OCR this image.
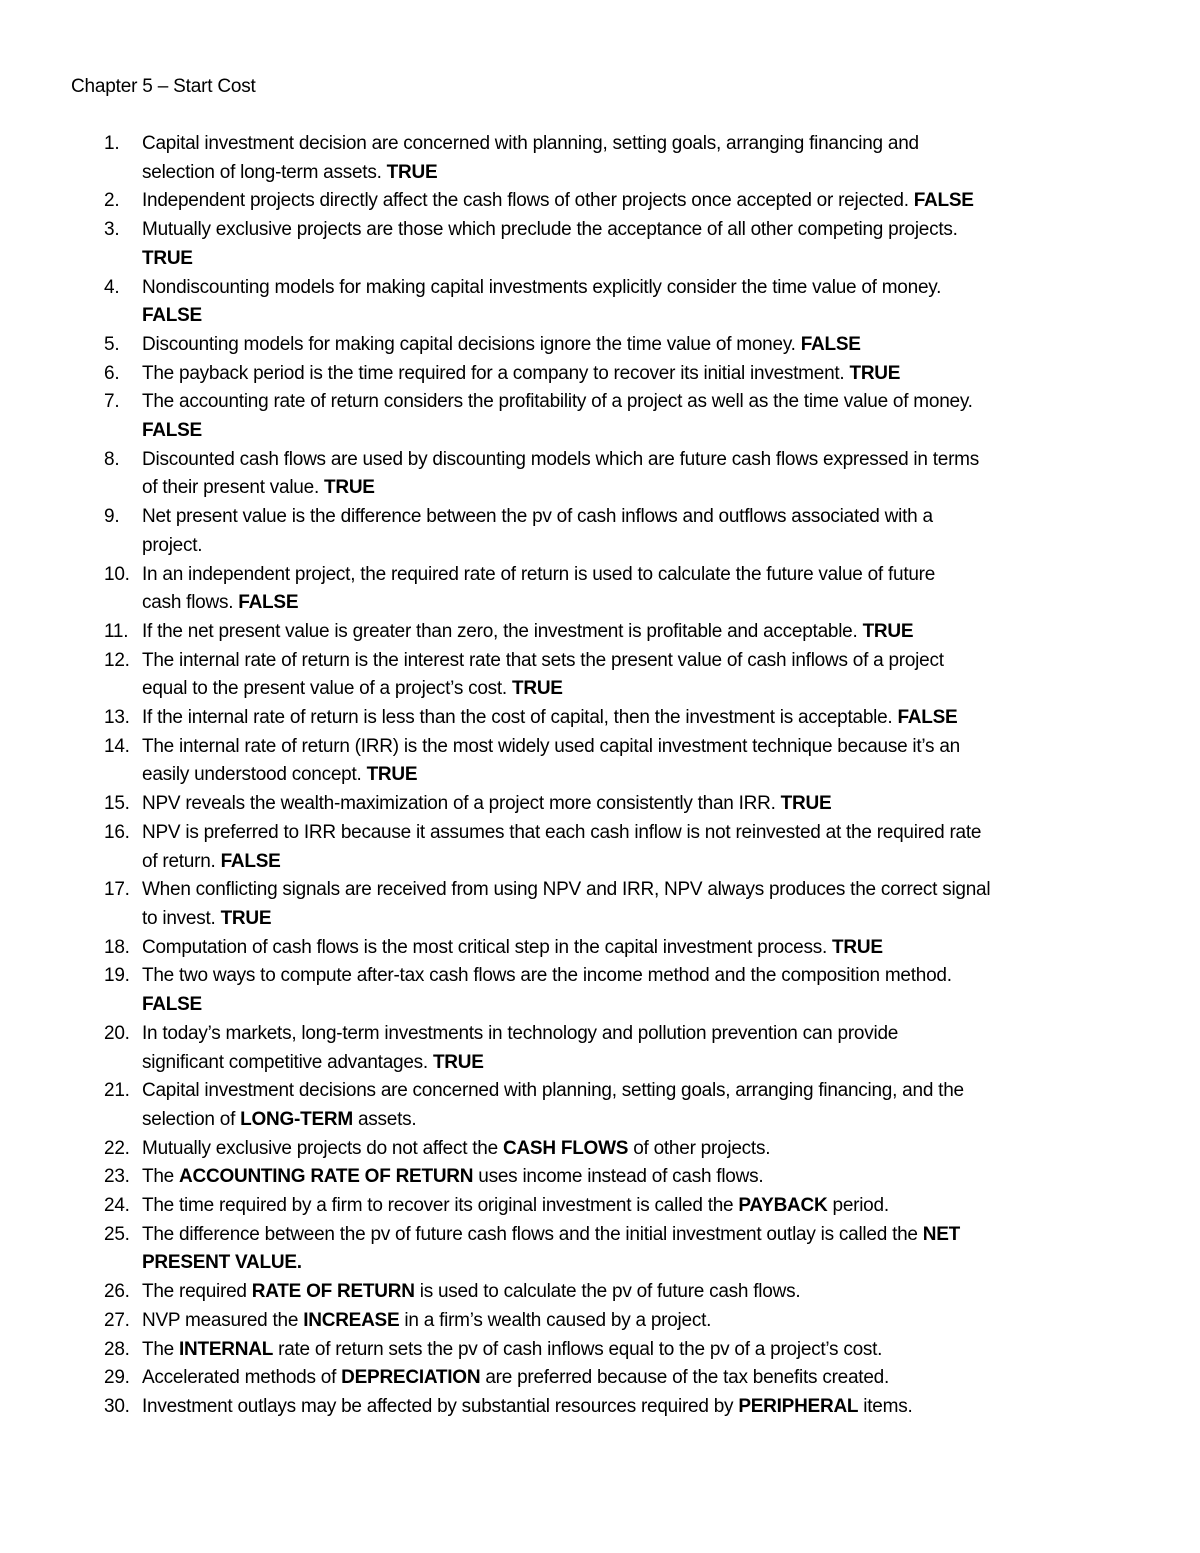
Chapter 5 – Start Cost
1. Capital investment decision are concerned with planning, setting goals, arranging financing and
selection of long-term assets. TRUE
2. Independent projects directly affect the cash flows of other projects once accepted or rejected. FALSE
3. Mutually exclusive projects are those which preclude the acceptance of all other competing projects.
TRUE
4. Nondiscounting models for making capital investments explicitly consider the time value of money.
FALSE
5. Discounting models for making capital decisions ignore the time value of money. FALSE
6. The payback period is the time required for a company to recover its initial investment. TRUE
7. The accounting rate of return considers the profitability of a project as well as the time value of money.
FALSE
8. Discounted cash flows are used by discounting models which are future cash flows expressed in terms
of their present value. TRUE
9. Net present value is the difference between the pv of cash inflows and outflows associated with a
project.
10. In an independent project, the required rate of return is used to calculate the future value of future
cash flows. FALSE
11. If the net present value is greater than zero, the investment is profitable and acceptable. TRUE
12. The internal rate of return is the interest rate that sets the present value of cash inflows of a project
equal to the present value of a project’s cost. TRUE
13. If the internal rate of return is less than the cost of capital, then the investment is acceptable. FALSE
14. The internal rate of return (IRR) is the most widely used capital investment technique because it’s an
easily understood concept. TRUE
15. NPV reveals the wealth-maximization of a project more consistently than IRR. TRUE
16. NPV is preferred to IRR because it assumes that each cash inflow is not reinvested at the required rate
of return. FALSE
17. When conflicting signals are received from using NPV and IRR, NPV always produces the correct signal
to invest. TRUE
18. Computation of cash flows is the most critical step in the capital investment process. TRUE
19. The two ways to compute after-tax cash flows are the income method and the composition method.
FALSE
20. In today’s markets, long-term investments in technology and pollution prevention can provide
significant competitive advantages. TRUE
21. Capital investment decisions are concerned with planning, setting goals, arranging financing, and the
selection of LONG-TERM assets.
22. Mutually exclusive projects do not affect the CASH FLOWS of other projects.
23. The ACCOUNTING RATE OF RETURN uses income instead of cash flows.
24. The time required by a firm to recover its original investment is called the PAYBACK period.
25. The difference between the pv of future cash flows and the initial investment outlay is called the NET
PRESENT VALUE.
26. The required RATE OF RETURN is used to calculate the pv of future cash flows.
27. NVP measured the INCREASE in a firm’s wealth caused by a project.
28. The INTERNAL rate of return sets the pv of cash inflows equal to the pv of a project’s cost.
29. Accelerated methods of DEPRECIATION are preferred because of the tax benefits created.
30. Investment outlays may be affected by substantial resources required by PERIPHERAL items.
